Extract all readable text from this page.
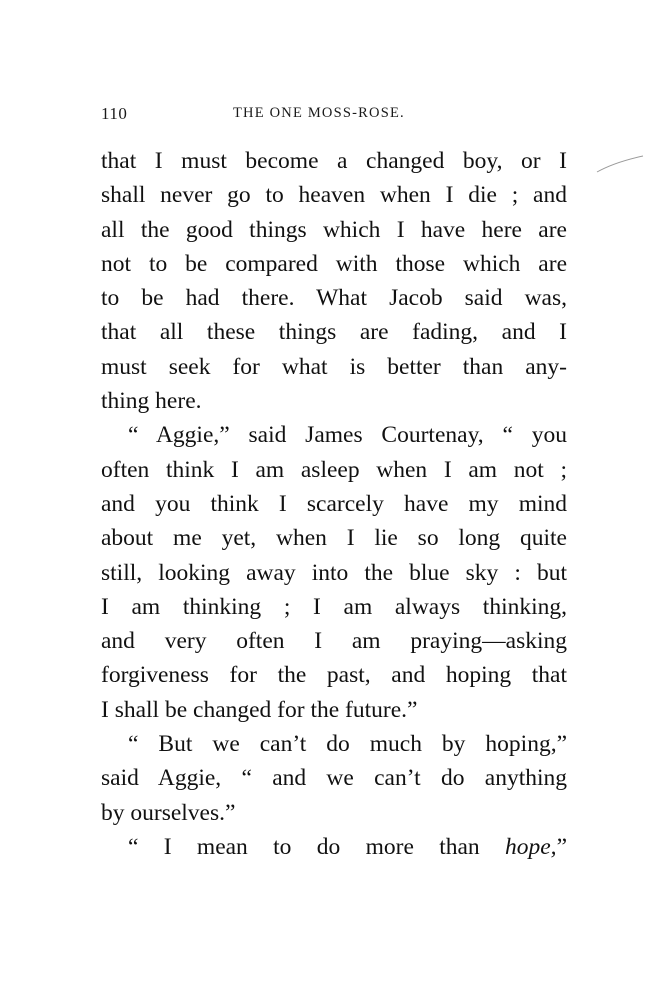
110	THE ONE MOSS-ROSE.
that I must become a changed boy, or I
shall never go to heaven when I die ; and
all the good things which I have here are
not to be compared with those which are
to be had there. What Jacob said was,
that all these things are fading, and I
must seek for what is better than any-
thing here.
“ Aggie,” said James Courtenay, “ you
often think I am asleep when I am not ;
and you think I scarcely have my mind
about me yet, when I lie so long quite
still, looking away into the blue sky : but
I am thinking ; I am always thinking,
and very often I am praying—asking
forgiveness for the past, and hoping that
I shall be changed for the future.”
“ But we can’t do much by hoping,”
said Aggie, “ and we can’t do anything
by ourselves.”
“ I mean to do more than hope,”
